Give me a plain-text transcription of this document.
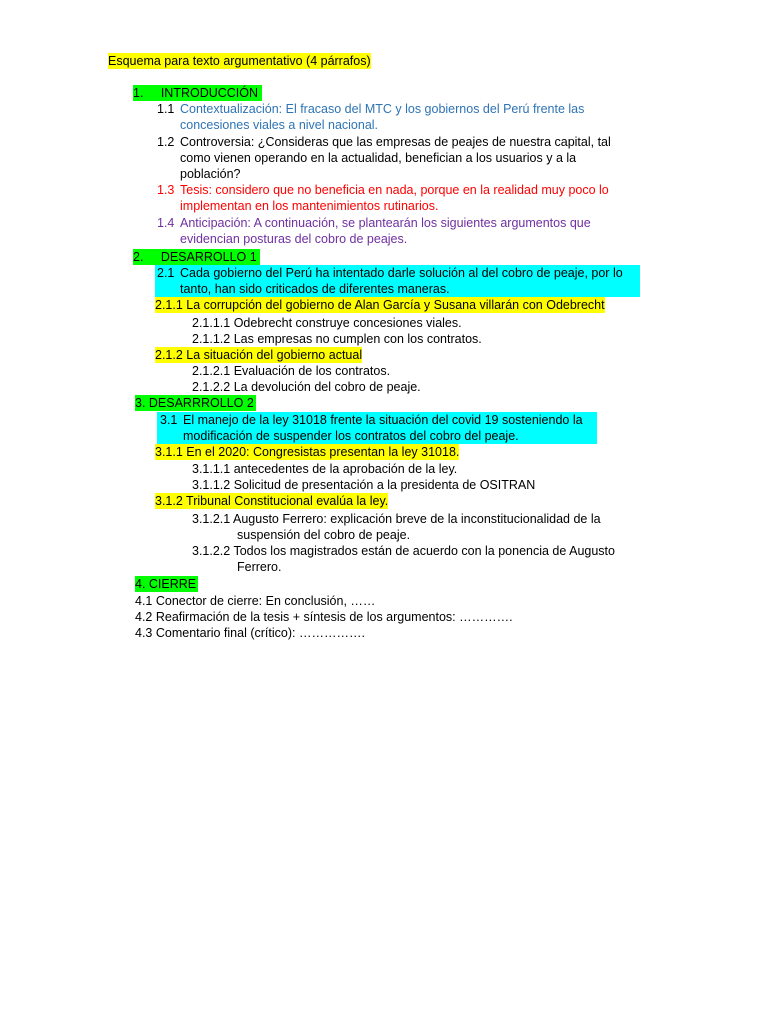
Esquema para texto argumentativo (4 párrafos)
1. INTRODUCCIÓN
1.1 Contextualización: El fracaso del MTC y los gobiernos del Perú frente las
concesiones viales a nivel nacional.
1.2 Controversia: ¿Consideras que las empresas de peajes de nuestra capital, tal
como vienen operando en la actualidad, benefician a los usuarios y a la
población?
1.3 Tesis: considero que no beneficia en nada, porque en la realidad muy poco lo
implementan en los mantenimientos rutinarios.
1.4 Anticipación: A continuación, se plantearán los siguientes argumentos que
evidencian posturas del cobro de peajes.
2. DESARROLLO 1
2.1 Cada gobierno del Perú ha intentado darle solución al del cobro de peaje, por lo
tanto, han sido criticados de diferentes maneras.
2.1.1 La corrupción del gobierno de Alan García y Susana villarán con Odebrecht
2.1.1.1 Odebrecht construye concesiones viales.
2.1.1.2 Las empresas no cumplen con los contratos.
2.1.2 La situación del gobierno actual
2.1.2.1 Evaluación de los contratos.
2.1.2.2 La devolución del cobro de peaje.
3. DESARRROLLO 2
3.1 El manejo de la ley 31018 frente la situación del covid 19 sosteniendo la
modificación de suspender los contratos del cobro del peaje.
3.1.1 En el 2020: Congresistas presentan la ley 31018.
3.1.1.1 antecedentes de la aprobación de la ley.
3.1.1.2 Solicitud de presentación a la presidenta de OSITRAN
3.1.2 Tribunal Constitucional evalúa la ley.
3.1.2.1 Augusto Ferrero: explicación breve de la inconstitucionalidad de la
suspensión del cobro de peaje.
3.1.2.2 Todos los magistrados están de acuerdo con la ponencia de Augusto
Ferrero.
4. CIERRE
4.1 Conector de cierre: En conclusión, ……
4.2 Reafirmación de la tesis + síntesis de los argumentos: ………….
4.3 Comentario final (crítico): …………….
